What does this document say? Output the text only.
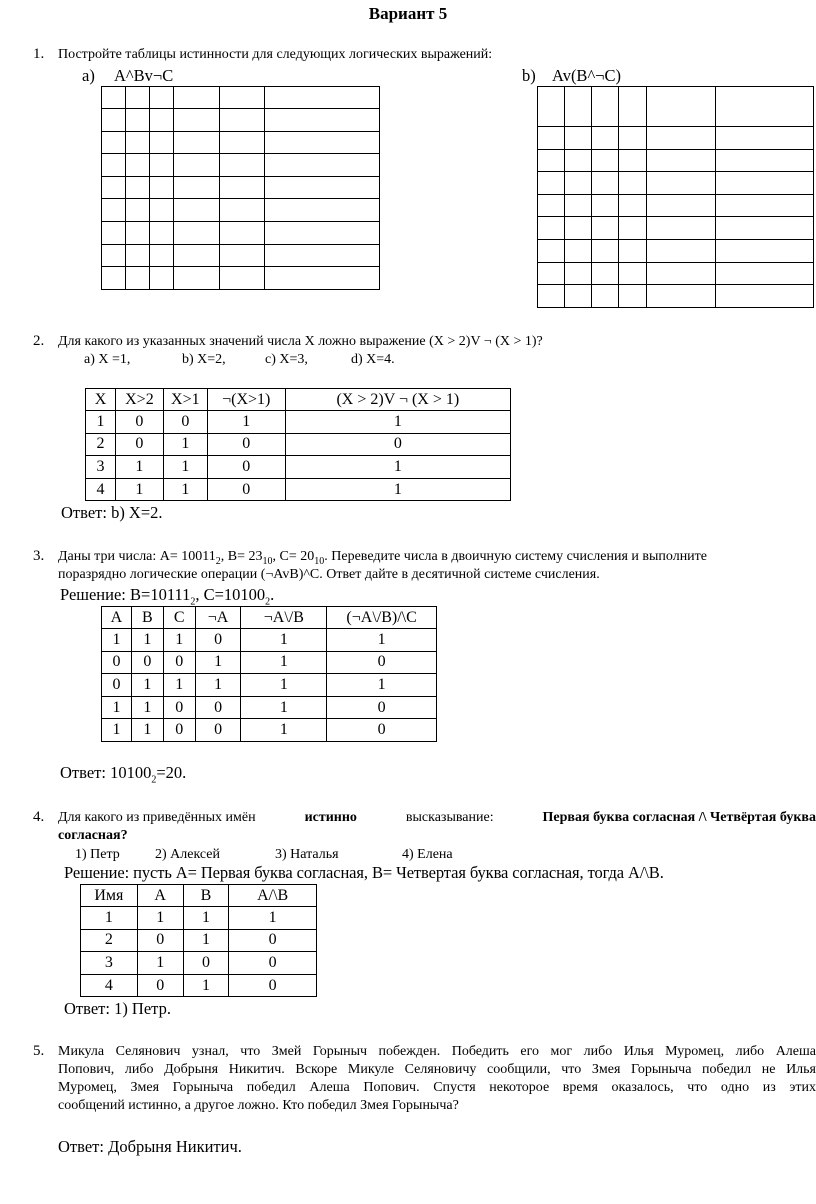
Вариант 5
1. Постройте таблицы истинности для следующих логических выражений:
a) A^Bv¬C	b) Av(B^¬C)

2. Для какого из указанных значений числа X ложно выражение (X > 2)V ¬ (X > 1)?
a) X =1,	b) X=2,	c) X=3,	d) X=4.
X	X>2	X>1	¬(X>1)	(X > 2)V ¬ (X > 1)
1	0	0	1	1
2	0	1	0	0
3	1	1	0	1
4	1	1	0	1
Ответ: b) X=2.
3. Даны три числа: $A= 10011_2$, $B= 23_{10}$, $C= 20_{10}$. Переведите числа в двоичную систему счисления и выполните
поразрядно логические операции (¬AvB)^C. Ответ дайте в десятичной системе счисления.
Решение: $B=10111_2$, $C=10100_2$.
A	B	C	¬A	¬A\/B	(¬A\/B)/\C
1	1	1	0	1	1
0	0	0	1	1	0
0	1	1	1	1	1
1	1	0	0	1	0
1	1	0	0	1	0
Ответ: $10100_2=20$.
4. Для какого из приведённых имён	истинно	высказывание:	Первая буква согласная /\ Четвёртая буква
согласная?
1) Петр	2) Алексей	3) Наталья	4) Елена
Решение: пусть A= Первая буква согласная, B= Четвертая буква согласная, тогда A/\B.
Имя	A	B	A/\B
1	1	1	1
2	0	1	0
3	1	0	0
4	0	1	0
Ответ: 1) Петр.
5. Микула Селянович узнал, что Змей Горыныч побежден. Победить его мог либо Илья Муромец, либо Алеша
Попович, либо Добрыня Никитич. Вскоре Микуле Селяновичу сообщили, что Змея Горыныча победил не Илья
Муромец, Змея Горыныча победил Алеша Попович. Спустя некоторое время оказалось, что одно из этих
сообщений истинно, а другое ложно. Кто победил Змея Горыныча?
Ответ: Добрыня Никитич.
